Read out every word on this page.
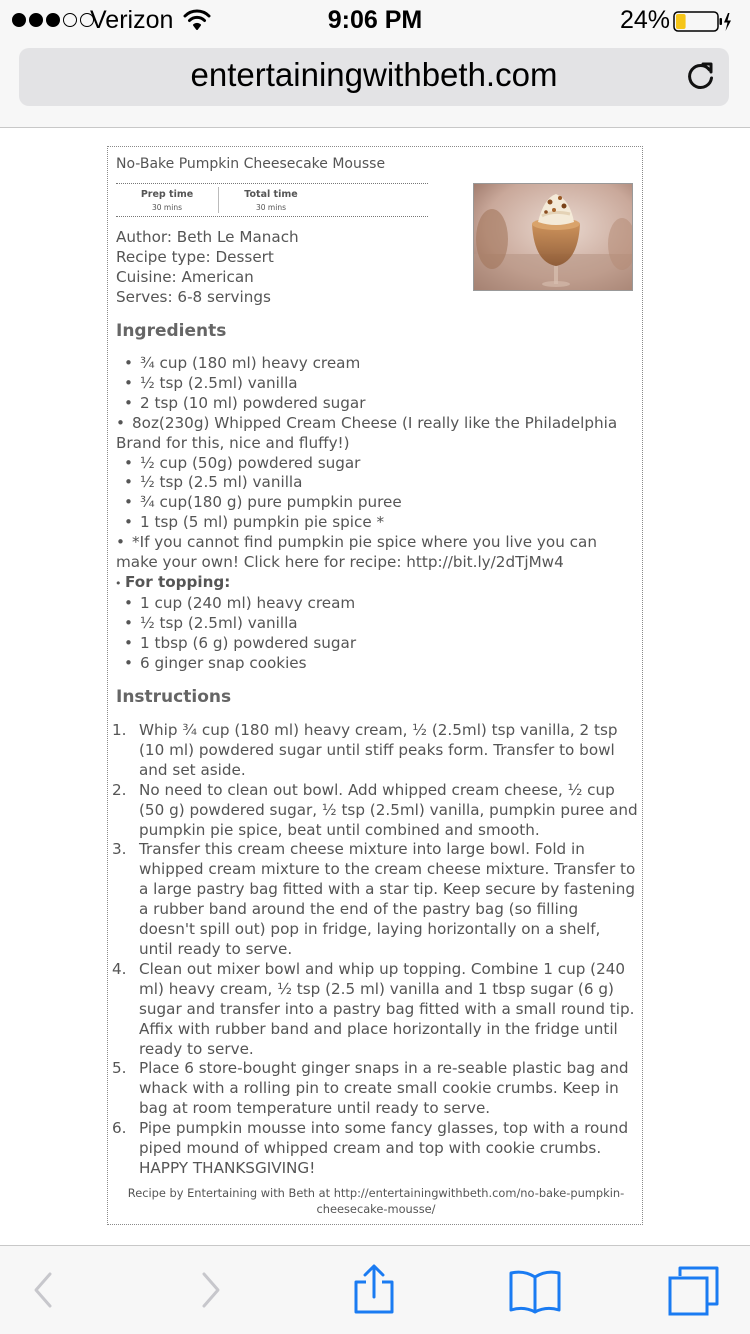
Verizon	9:06 PM	24%
entertainingwithbeth.com
No-Bake Pumpkin Cheesecake Mousse
Prep time
30 mins
Total time
30 mins
Author: Beth Le Manach
Recipe type: Dessert
Cuisine: American
Serves: 6-8 servings
Ingredients
• ¾ cup (180 ml) heavy cream
• ½ tsp (2.5ml) vanilla
• 2 tsp (10 ml) powdered sugar
• 8oz(230g) Whipped Cream Cheese (I really like the Philadelphia Brand for this, nice and fluffy!)
• ½ cup (50g) powdered sugar
• ½ tsp (2.5 ml) vanilla
• ¾ cup(180 g) pure pumpkin puree
• 1 tsp (5 ml) pumpkin pie spice *
• *If you cannot find pumpkin pie spice where you live you can make your own! Click here for recipe: http://bit.ly/2dTjMw4
• For topping:
• 1 cup (240 ml) heavy cream
• ½ tsp (2.5ml) vanilla
• 1 tbsp (6 g) powdered sugar
• 6 ginger snap cookies
Instructions
1. Whip ¾ cup (180 ml) heavy cream, ½ (2.5ml) tsp vanilla, 2 tsp (10 ml) powdered sugar until stiff peaks form. Transfer to bowl and set aside.
2. No need to clean out bowl. Add whipped cream cheese, ½ cup (50 g) powdered sugar, ½ tsp (2.5ml) vanilla, pumpkin puree and pumpkin pie spice, beat until combined and smooth.
3. Transfer this cream cheese mixture into large bowl. Fold in whipped cream mixture to the cream cheese mixture. Transfer to a large pastry bag fitted with a star tip. Keep secure by fastening a rubber band around the end of the pastry bag (so filling doesn't spill out) pop in fridge, laying horizontally on a shelf, until ready to serve.
4. Clean out mixer bowl and whip up topping. Combine 1 cup (240 ml) heavy cream, ½ tsp (2.5 ml) vanilla and 1 tbsp sugar (6 g) sugar and transfer into a pastry bag fitted with a small round tip. Affix with rubber band and place horizontally in the fridge until ready to serve.
5. Place 6 store-bought ginger snaps in a re-seable plastic bag and whack with a rolling pin to create small cookie crumbs. Keep in bag at room temperature until ready to serve.
6. Pipe pumpkin mousse into some fancy glasses, top with a round piped mound of whipped cream and top with cookie crumbs. HAPPY THANKSGIVING!
Recipe by Entertaining with Beth at http://entertainingwithbeth.com/no-bake-pumpkin-cheesecake-mousse/
